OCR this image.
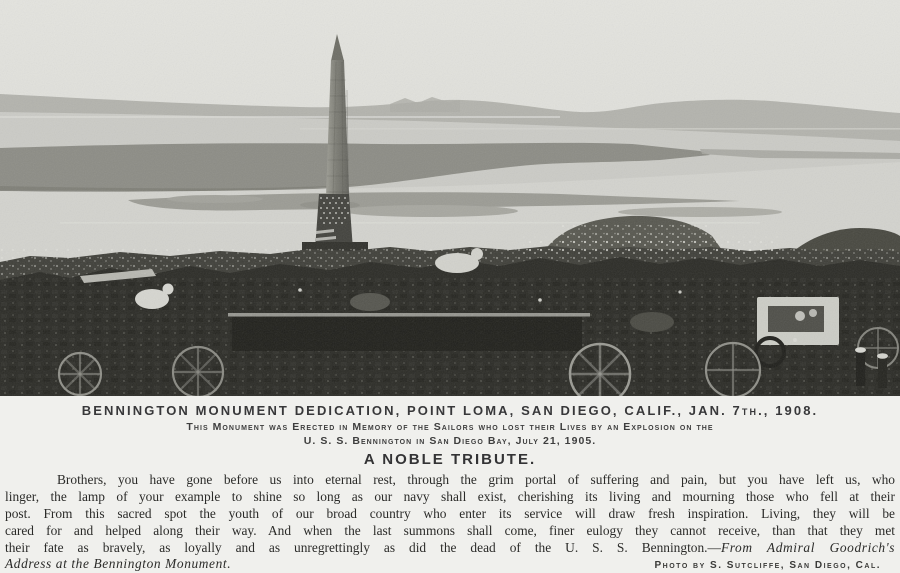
BENNINGTON MONUMENT DEDICATION, POINT LOMA, SAN DIEGO, CALIF., JAN. 7th., 1908.
This Monument was Erected in Memory of the Sailors who lost their Lives by an Explosion on the
U. S. S. Bennington in San Diego Bay, July 21, 1905.
A NOBLE TRIBUTE.
Brothers, you have gone before us into eternal rest, through the grim portal of suffering and pain, but you have left us, who
linger, the lamp of your example to shine so long as our navy shall exist, cherishing its living and mourning those who fell at their
post. From this sacred spot the youth of our broad country who enter its service will draw fresh inspiration. Living, they will be
cared for and helped along their way. And when the last summons shall come, finer eulogy they cannot receive, than that they met
their fate as bravely, as loyally and as unregrettingly as did the dead of the U. S. S. Bennington.—From Admiral Goodrich's
Address at the Bennington Monument.	Photo by S. Sutcliffe, San Diego, Cal.
